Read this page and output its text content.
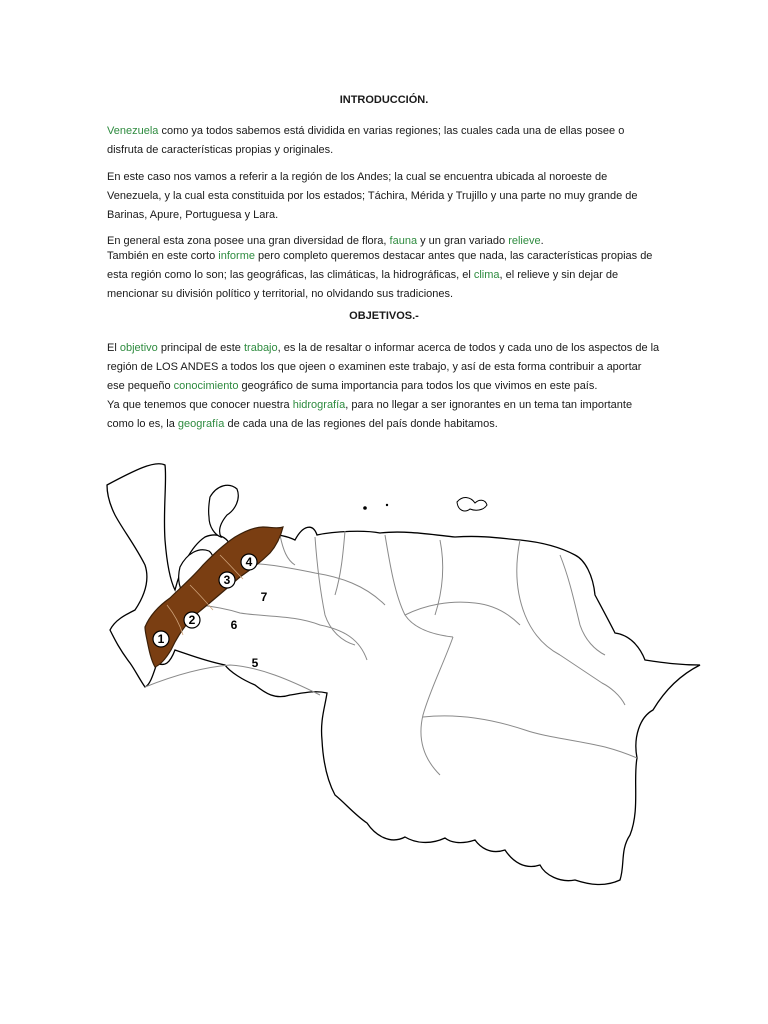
INTRODUCCIÓN.

Venezuela como ya todos sabemos está dividida en varias regiones; las cuales cada una de ellas posee o disfruta de características propias y originales.

En este caso nos vamos a referir a la región de los Andes; la cual se encuentra ubicada al noroeste de Venezuela, y la cual esta constituida por los estados; Táchira, Mérida y Trujillo y una parte no muy grande de Barinas, Apure, Portuguesa y Lara.

En general esta zona posee una gran diversidad de flora, fauna y un gran variado relieve.

También en este corto informe pero completo queremos destacar antes que nada, las características propias de esta región como lo son; las geográficas, las climáticas, la hidrográficas, el clima, el relieve y sin dejar de mencionar su división político y territorial, no olvidando sus tradiciones.

OBJETIVOS.-

El objetivo principal de este trabajo, es la de resaltar o informar acerca de todos y cada uno de los aspectos de la región de LOS ANDES a todos los que ojeen o examinen este trabajo, y así de esta forma contribuir a aportar ese pequeño conocimiento geográfico de suma importancia para todos los que vivimos en este país.
Ya que tenemos que conocer nuestra hidrografía, para no llegar a ser ignorantes en un tema tan importante como lo es, la geografía de cada una de las regiones del país donde habitamos.

1
2
3
4
5
6
7
